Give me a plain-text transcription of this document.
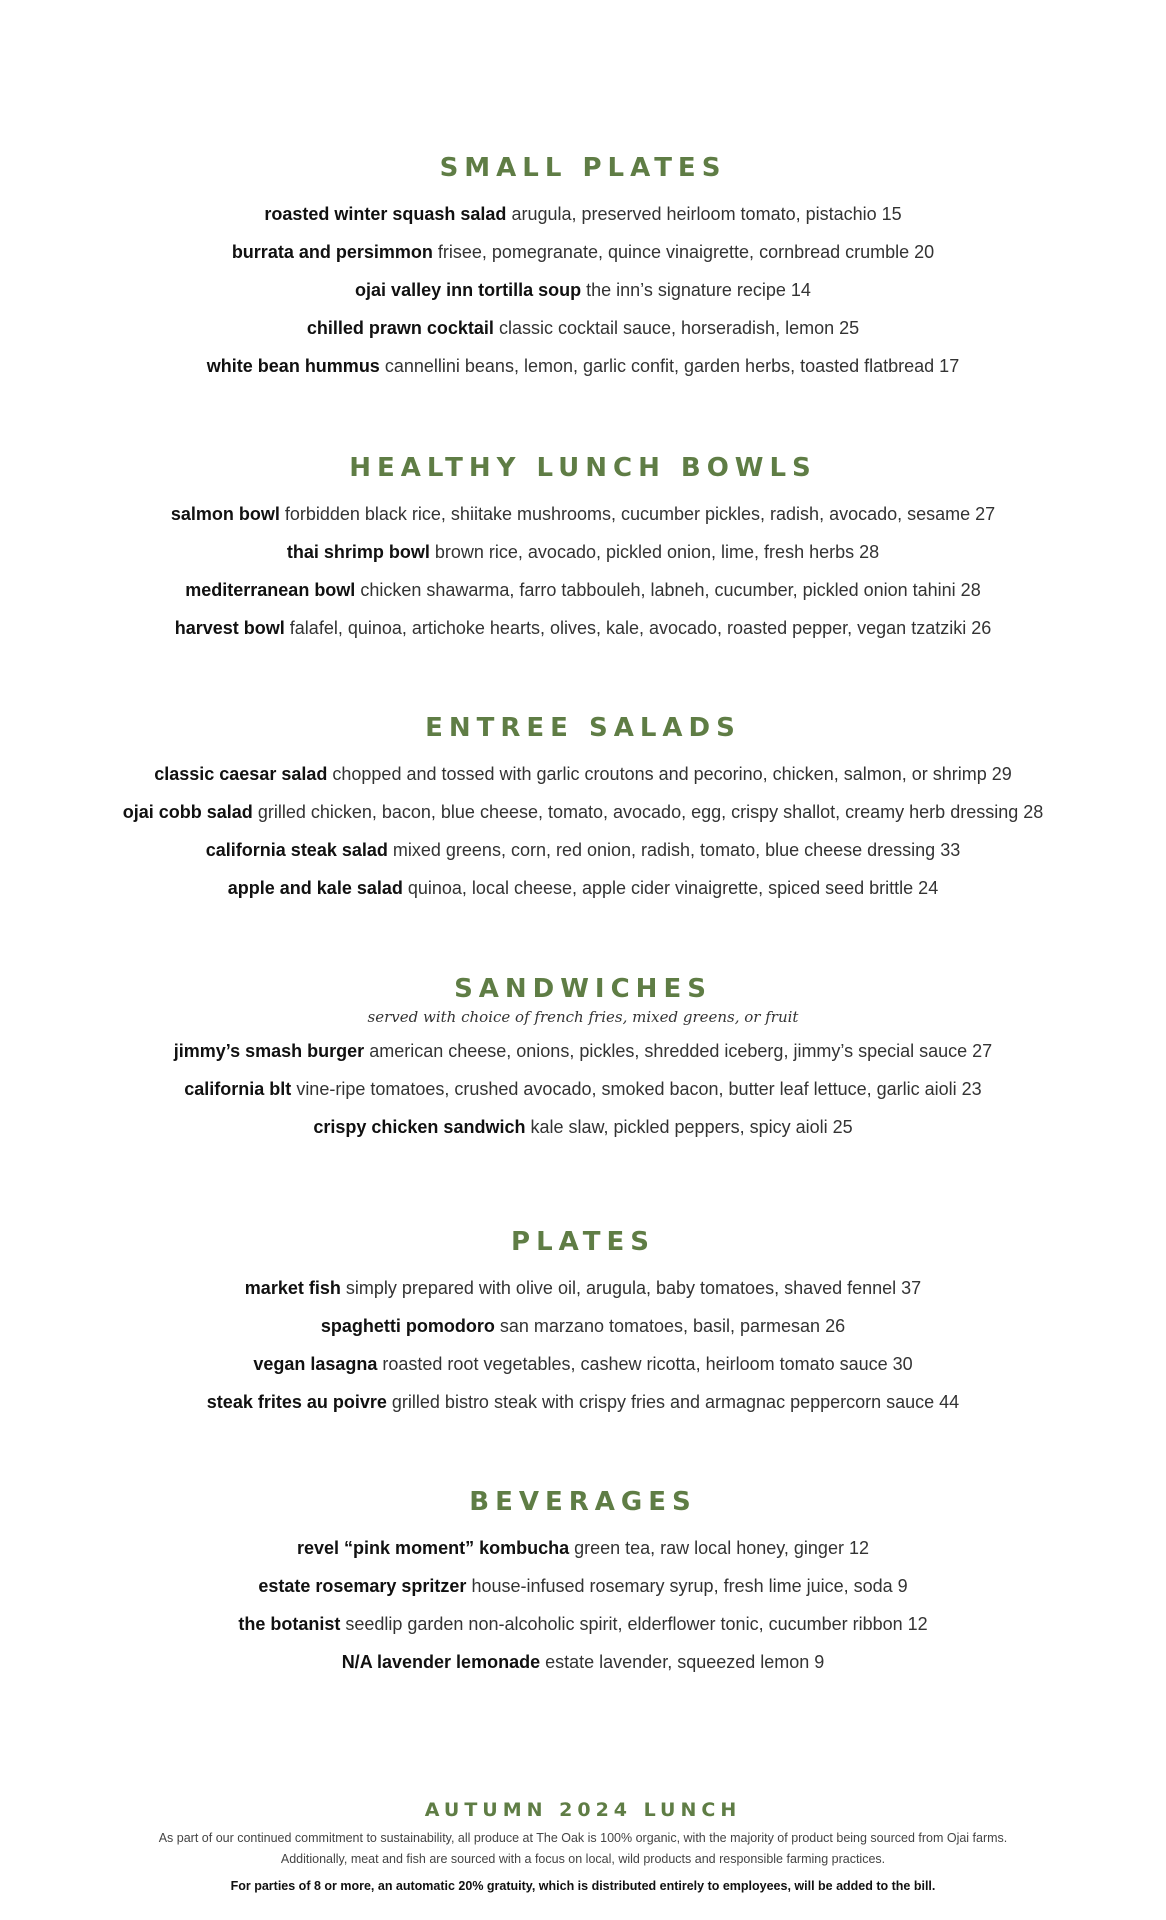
SMALL PLATES
roasted winter squash salad arugula, preserved heirloom tomato, pistachio 15
burrata and persimmon frisee, pomegranate, quince vinaigrette, cornbread crumble 20
ojai valley inn tortilla soup the inn’s signature recipe 14
chilled prawn cocktail classic cocktail sauce, horseradish, lemon 25
white bean hummus cannellini beans, lemon, garlic confit, garden herbs, toasted flatbread 17
HEALTHY LUNCH BOWLS
salmon bowl forbidden black rice, shiitake mushrooms, cucumber pickles, radish, avocado, sesame 27
thai shrimp bowl brown rice, avocado, pickled onion, lime, fresh herbs 28
mediterranean bowl chicken shawarma, farro tabbouleh, labneh, cucumber, pickled onion tahini 28
harvest bowl falafel, quinoa, artichoke hearts, olives, kale, avocado, roasted pepper, vegan tzatziki 26
ENTREE SALADS
classic caesar salad chopped and tossed with garlic croutons and pecorino, chicken, salmon, or shrimp 29
ojai cobb salad grilled chicken, bacon, blue cheese, tomato, avocado, egg, crispy shallot, creamy herb dressing 28
california steak salad mixed greens, corn, red onion, radish, tomato, blue cheese dressing 33
apple and kale salad quinoa, local cheese, apple cider vinaigrette, spiced seed brittle 24
SANDWICHES
served with choice of french fries, mixed greens, or fruit
jimmy’s smash burger american cheese, onions, pickles, shredded iceberg, jimmy’s special sauce 27
california blt vine-ripe tomatoes, crushed avocado, smoked bacon, butter leaf lettuce, garlic aioli 23
crispy chicken sandwich kale slaw, pickled peppers, spicy aioli 25
PLATES
market fish simply prepared with olive oil, arugula, baby tomatoes, shaved fennel 37
spaghetti pomodoro san marzano tomatoes, basil, parmesan 26
vegan lasagna roasted root vegetables, cashew ricotta, heirloom tomato sauce 30
steak frites au poivre grilled bistro steak with crispy fries and armagnac peppercorn sauce 44
BEVERAGES
revel “pink moment” kombucha green tea, raw local honey, ginger 12
estate rosemary spritzer house-infused rosemary syrup, fresh lime juice, soda 9
the botanist seedlip garden non-alcoholic spirit, elderflower tonic, cucumber ribbon 12
N/A lavender lemonade estate lavender, squeezed lemon 9
AUTUMN 2024 LUNCH
As part of our continued commitment to sustainability, all produce at The Oak is 100% organic, with the majority of product being sourced from Ojai farms.
Additionally, meat and fish are sourced with a focus on local, wild products and responsible farming practices.
For parties of 8 or more, an automatic 20% gratuity, which is distributed entirely to employees, will be added to the bill.
